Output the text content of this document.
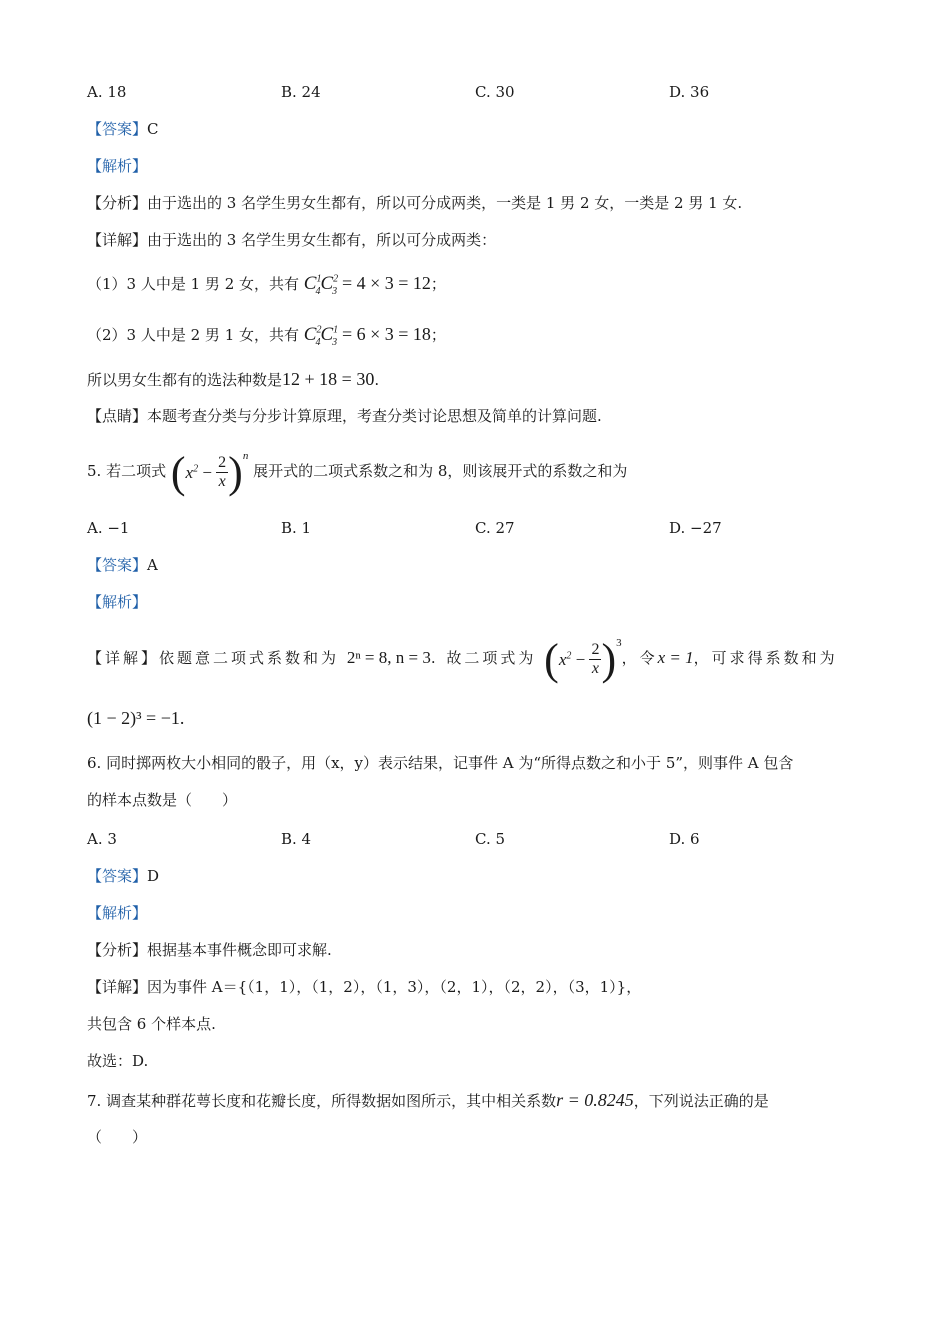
A. 18	B. 24	C. 30	D. 36
【答案】C
【解析】
【分析】由于选出的 3 名学生男女生都有，所以可分成两类，一类是 1 男 2 女，一类是 2 男 1 女.
【详解】由于选出的 3 名学生男女生都有，所以可分成两类：
（1）3 人中是 1 男 2 女，共有 $C^1_4C^2_3 = 4 \times 3 = 12$；
（2）3 人中是 2 男 1 女，共有 $C^2_4C^1_3 = 6 \times 3 = 18$；
所以男女生都有的选法种数是12 + 18 = 30.
【点睛】本题考查分类与分步计算原理，考查分类讨论思想及简单的计算问题.
5. 若二项式 $(x^2 - \frac{2}{x} )^n$ 展开式的二项式系数之和为 8，则该展开式的系数之和为
A. −1	B. 1	C. 27	D. −27
【答案】A
【解析】
【详解】依题意二项式系数和为 2ⁿ = 8, n = 3. 故二项式为 $(x^2 - \frac{2}{x} )^3$，令x = 1，可求得系数和为
(1 − 2)³ = −1.
6. 同时掷两枚大小相同的骰子，用（x，y）表示结果，记事件 A 为“所得点数之和小于 5”，则事件 A 包含
的样本点数是（　　）
A. 3	B. 4	C. 5	D. 6
【答案】D
【解析】
【分析】根据基本事件概念即可求解.
【详解】因为事件 A＝{（1，1），（1，2），（1，3），（2，1），（2，2），（3，1）}，
共包含 6 个样本点.
故选：D.
7. 调查某种群花萼长度和花瓣长度，所得数据如图所示，其中相关系数r = 0.8245，下列说法正确的是
（　　）
